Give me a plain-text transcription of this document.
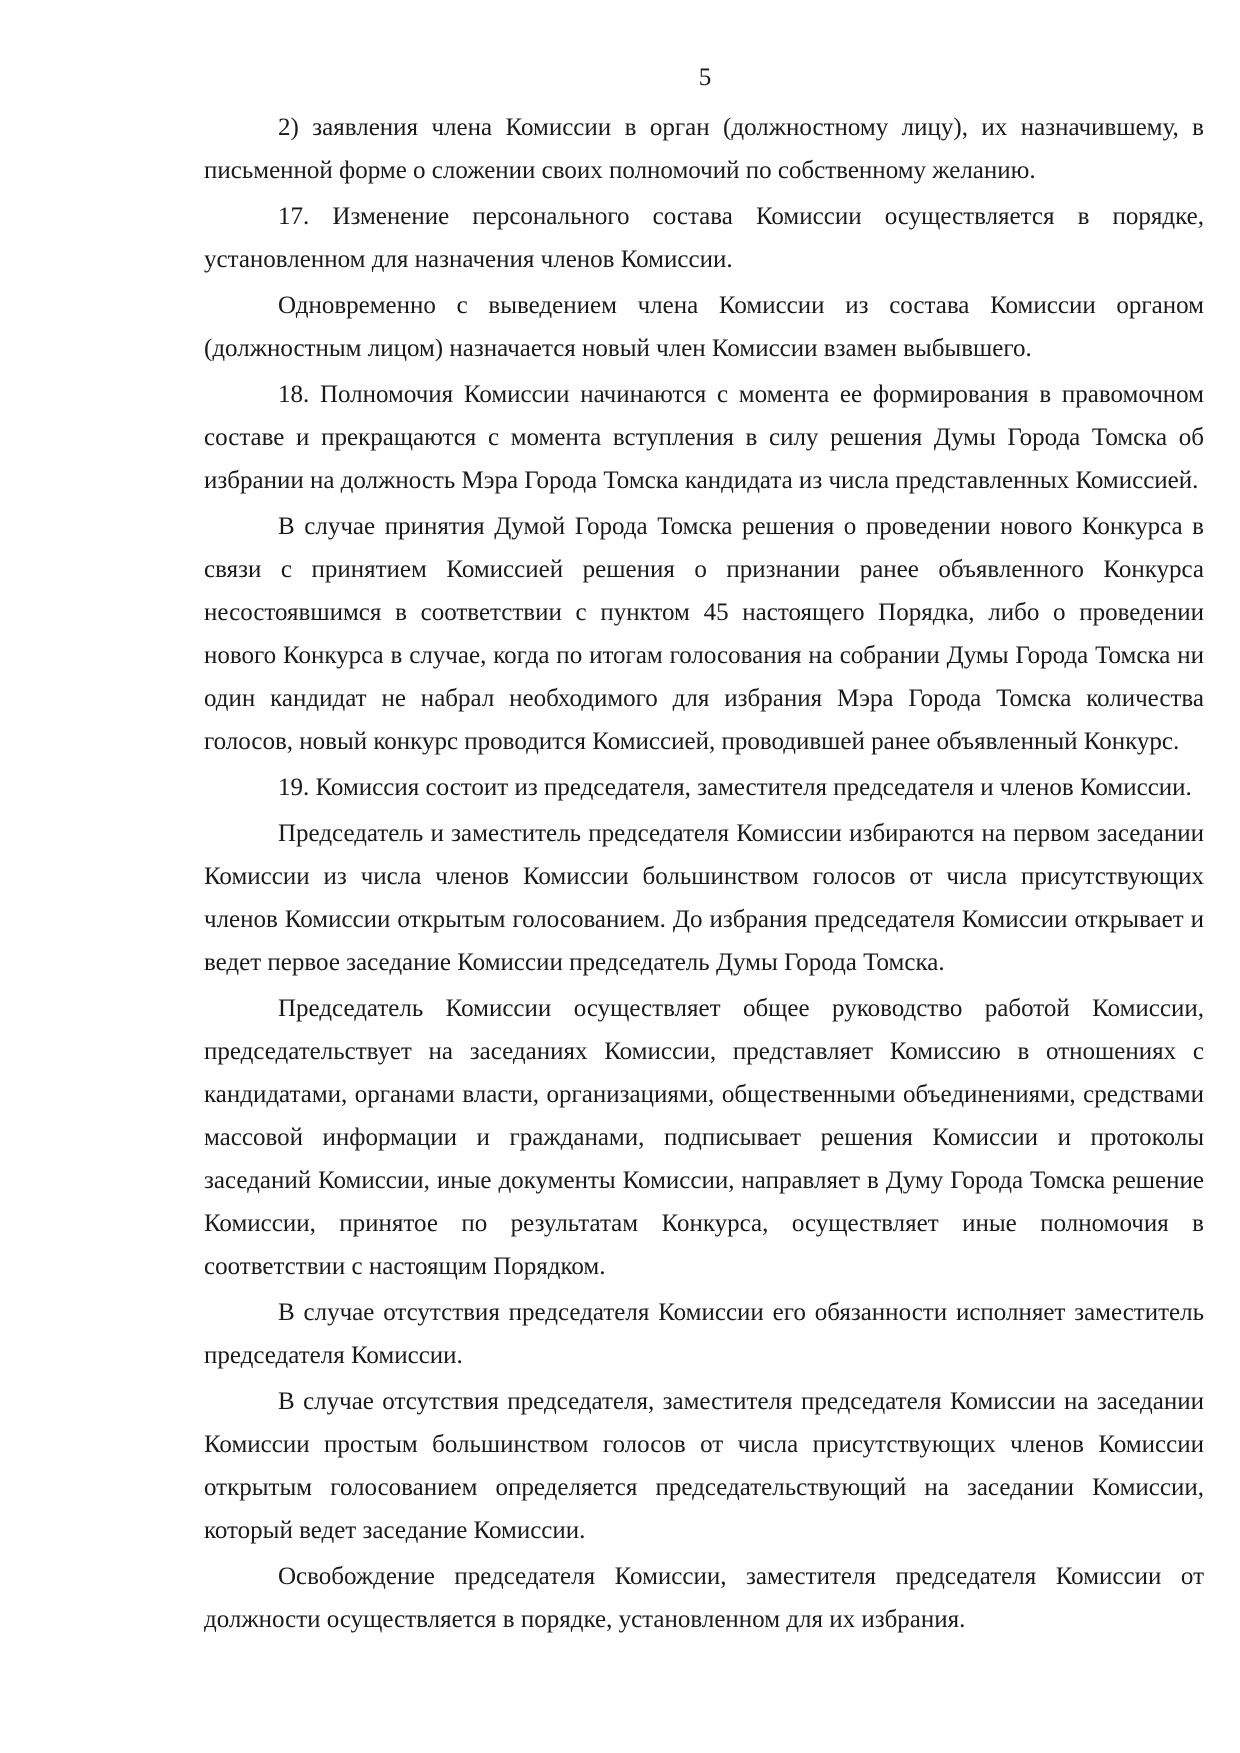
5

2) заявления члена Комиссии в орган (должностному лицу), их назначившему, в письменной форме о сложении своих полномочий по собственному желанию.

17. Изменение персонального состава Комиссии осуществляется в порядке, установленном для назначения членов Комиссии.

Одновременно с выведением члена Комиссии из состава Комиссии органом (должностным лицом) назначается новый член Комиссии взамен выбывшего.

18. Полномочия Комиссии начинаются с момента ее формирования в правомочном составе и прекращаются с момента вступления в силу решения Думы Города Томска об избрании на должность Мэра Города Томска кандидата из числа представленных Комиссией.

В случае принятия Думой Города Томска решения о проведении нового Конкурса в связи с принятием Комиссией решения о признании ранее объявленного Конкурса несостоявшимся в соответствии с пунктом 45 настоящего Порядка, либо о проведении нового Конкурса в случае, когда по итогам голосования на собрании Думы Города Томска ни один кандидат не набрал необходимого для избрания Мэра Города Томска количества голосов, новый конкурс проводится Комиссией, проводившей ранее объявленный Конкурс.

19. Комиссия состоит из председателя, заместителя председателя и членов Комиссии.

Председатель и заместитель председателя Комиссии избираются на первом заседании Комиссии из числа членов Комиссии большинством голосов от числа присутствующих членов Комиссии открытым голосованием. До избрания председателя Комиссии открывает и ведет первое заседание Комиссии председатель Думы Города Томска.

Председатель Комиссии осуществляет общее руководство работой Комиссии, председательствует на заседаниях Комиссии, представляет Комиссию в отношениях с кандидатами, органами власти, организациями, общественными объединениями, средствами массовой информации и гражданами, подписывает решения Комиссии и протоколы заседаний Комиссии, иные документы Комиссии, направляет в Думу Города Томска решение Комиссии, принятое по результатам Конкурса, осуществляет иные полномочия в соответствии с настоящим Порядком.

В случае отсутствия председателя Комиссии его обязанности исполняет заместитель председателя Комиссии.

В случае отсутствия председателя, заместителя председателя Комиссии на заседании Комиссии простым большинством голосов от числа присутствующих членов Комиссии открытым голосованием определяется председательствующий на заседании Комиссии, который ведет заседание Комиссии.

Освобождение председателя Комиссии, заместителя председателя Комиссии от должности осуществляется в порядке, установленном для их избрания.
